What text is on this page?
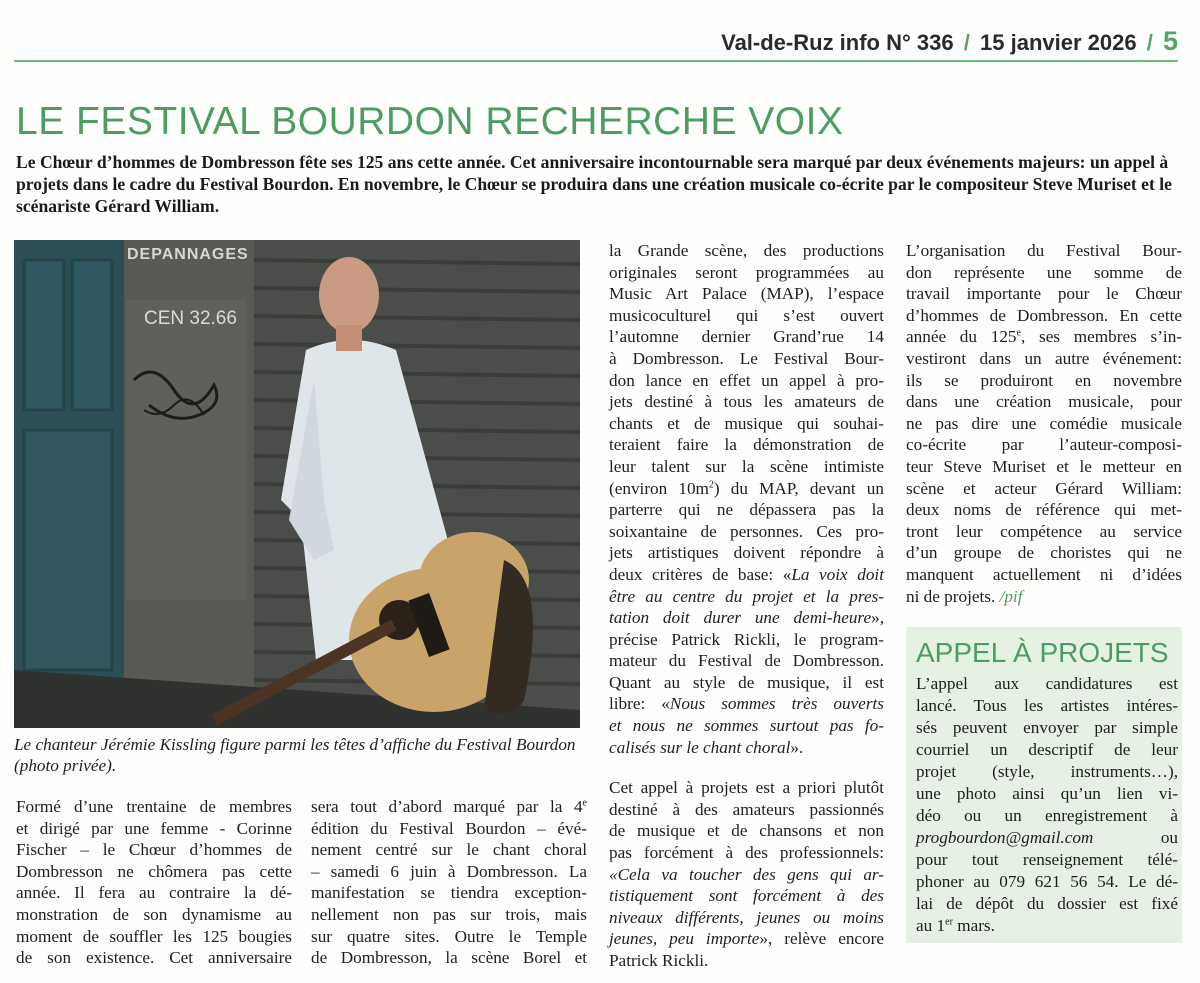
Val-de-Ruz info N° 336 / 15 janvier 2026 / 5
LE FESTIVAL BOURDON RECHERCHE VOIX
Le Chœur d’hommes de Dombresson fête ses 125 ans cette année. Cet anniversaire incontournable sera marqué par deux événements majeurs: un appel à projets dans le cadre du Festival Bourdon. En novembre, le Chœur se produira dans une création musicale co-écrite par le compositeur Steve Muriset et le scénariste Gérard William.
DEPANNAGES
CEN 32.66
Le chanteur Jérémie Kissling figure parmi les têtes d’affiche du Festival Bourdon (photo privée).
Formé d’une trentaine de membres
et dirigé par une femme - Corinne
Fischer – le Chœur d’hommes de
Dombresson ne chômera pas cette
année. Il fera au contraire la dé-
monstration de son dynamisme au
moment de souffler les 125 bougies
de son existence. Cet anniversaire
sera tout d’abord marqué par la 4e
édition du Festival Bourdon – évé-
nement centré sur le chant choral
– samedi 6 juin à Dombresson. La
manifestation se tiendra exception-
nellement non pas sur trois, mais
sur quatre sites. Outre le Temple
de Dombresson, la scène Borel et
la Grande scène, des productions
originales seront programmées au
Music Art Palace (MAP), l’espace
musicoculturel qui s’est ouvert
l’automne dernier Grand’rue 14
à Dombresson. Le Festival Bour-
don lance en effet un appel à pro-
jets destiné à tous les amateurs de
chants et de musique qui souhai-
teraient faire la démonstration de
leur talent sur la scène intimiste
(environ $10m^2$) du MAP, devant un
parterre qui ne dépassera pas la
soixantaine de personnes. Ces pro-
jets artistiques doivent répondre à
deux critères de base: «La voix doit
être au centre du projet et la pres-
tation doit durer une demi-heure»,
précise Patrick Rickli, le program-
mateur du Festival de Dombresson.
Quant au style de musique, il est
libre: «Nous sommes très ouverts
et nous ne sommes surtout pas fo-
calisés sur le chant choral».
Cet appel à projets est a priori plutôt
destiné à des amateurs passionnés
de musique et de chansons et non
pas forcément à des professionnels:
«Cela va toucher des gens qui ar-
tistiquement sont forcément à des
niveaux différents, jeunes ou moins
jeunes, peu importe», relève encore
Patrick Rickli.
L’organisation du Festival Bour-
don représente une somme de
travail importante pour le Chœur
d’hommes de Dombresson. En cette
année du 125e, ses membres s’in-
vestiront dans un autre événement:
ils se produiront en novembre
dans une création musicale, pour
ne pas dire une comédie musicale
co-écrite par l’auteur-composi-
teur Steve Muriset et le metteur en
scène et acteur Gérard William:
deux noms de référence qui met-
tront leur compétence au service
d’un groupe de choristes qui ne
manquent actuellement ni d’idées
ni de projets. /pif
APPEL À PROJETS
L’appel aux candidatures est
lancé. Tous les artistes intéres-
sés peuvent envoyer par simple
courriel un descriptif de leur
projet (style, instruments…),
une photo ainsi qu’un lien vi-
déo ou un enregistrement à
progbourdon@gmail.com	ou
pour tout renseignement télé-
phoner au 079 621 56 54. Le dé-
lai de dépôt du dossier est fixé
au 1er mars.
